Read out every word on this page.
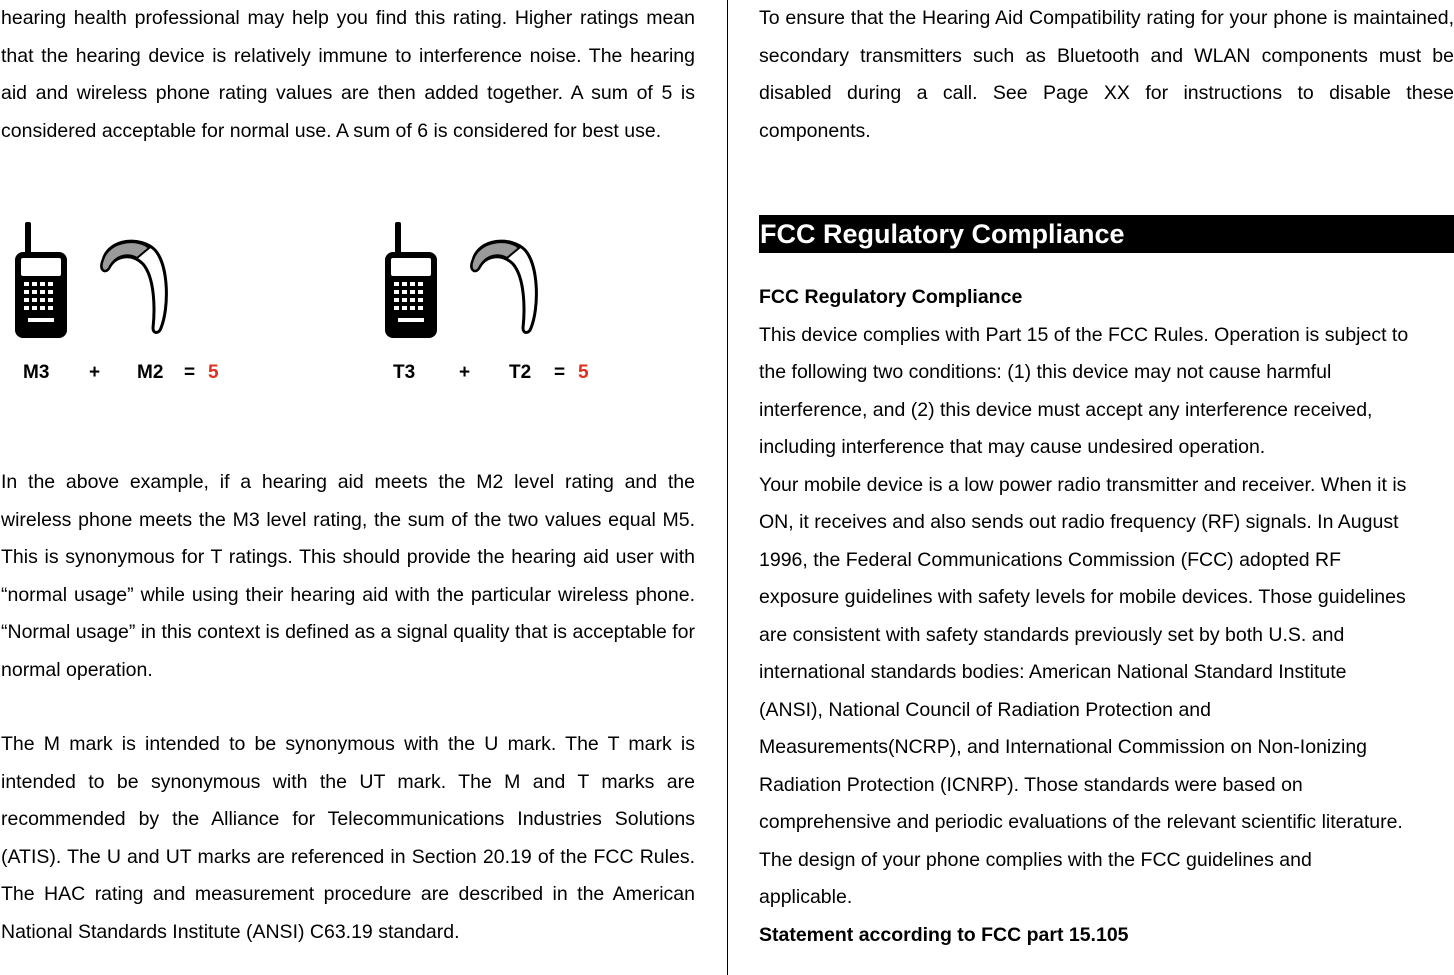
hearing health professional may help you find this rating. Higher ratings mean that the hearing device is relatively immune to interference noise. The hearing aid and wireless phone rating values are then added together. A sum of 5 is considered acceptable for normal use. A sum of 6 is considered for best use.

M3 + M2 = 5	T3 + T2 = 5

In the above example, if a hearing aid meets the M2 level rating and the wireless phone meets the M3 level rating, the sum of the two values equal M5. This is synonymous for T ratings. This should provide the hearing aid user with “normal usage” while using their hearing aid with the particular wireless phone. “Normal usage” in this context is defined as a signal quality that is acceptable for normal operation.

The M mark is intended to be synonymous with the U mark. The T mark is intended to be synonymous with the UT mark. The M and T marks are recommended by the Alliance for Telecommunications Industries Solutions (ATIS). The U and UT marks are referenced in Section 20.19 of the FCC Rules. The HAC rating and measurement procedure are described in the American National Standards Institute (ANSI) C63.19 standard.

To ensure that the Hearing Aid Compatibility rating for your phone is maintained, secondary transmitters such as Bluetooth and WLAN components must be disabled during a call. See Page XX for instructions to disable these components.

FCC Regulatory Compliance

FCC Regulatory Compliance

This device complies with Part 15 of the FCC Rules. Operation is subject to

the following two conditions: (1) this device may not cause harmful

interference, and (2) this device must accept any interference received,

including interference that may cause undesired operation.

Your mobile device is a low power radio transmitter and receiver. When it is

ON, it receives and also sends out radio frequency (RF) signals. In August

1996, the Federal Communications Commission (FCC) adopted RF

exposure guidelines with safety levels for mobile devices. Those guidelines

are consistent with safety standards previously set by both U.S. and

international standards bodies: American National Standard Institute

(ANSI), National Council of Radiation Protection and

Measurements(NCRP), and International Commission on Non-Ionizing

Radiation Protection (ICNRP). Those standards were based on

comprehensive and periodic evaluations of the relevant scientific literature.

The design of your phone complies with the FCC guidelines and

applicable.

Statement according to FCC part 15.105
